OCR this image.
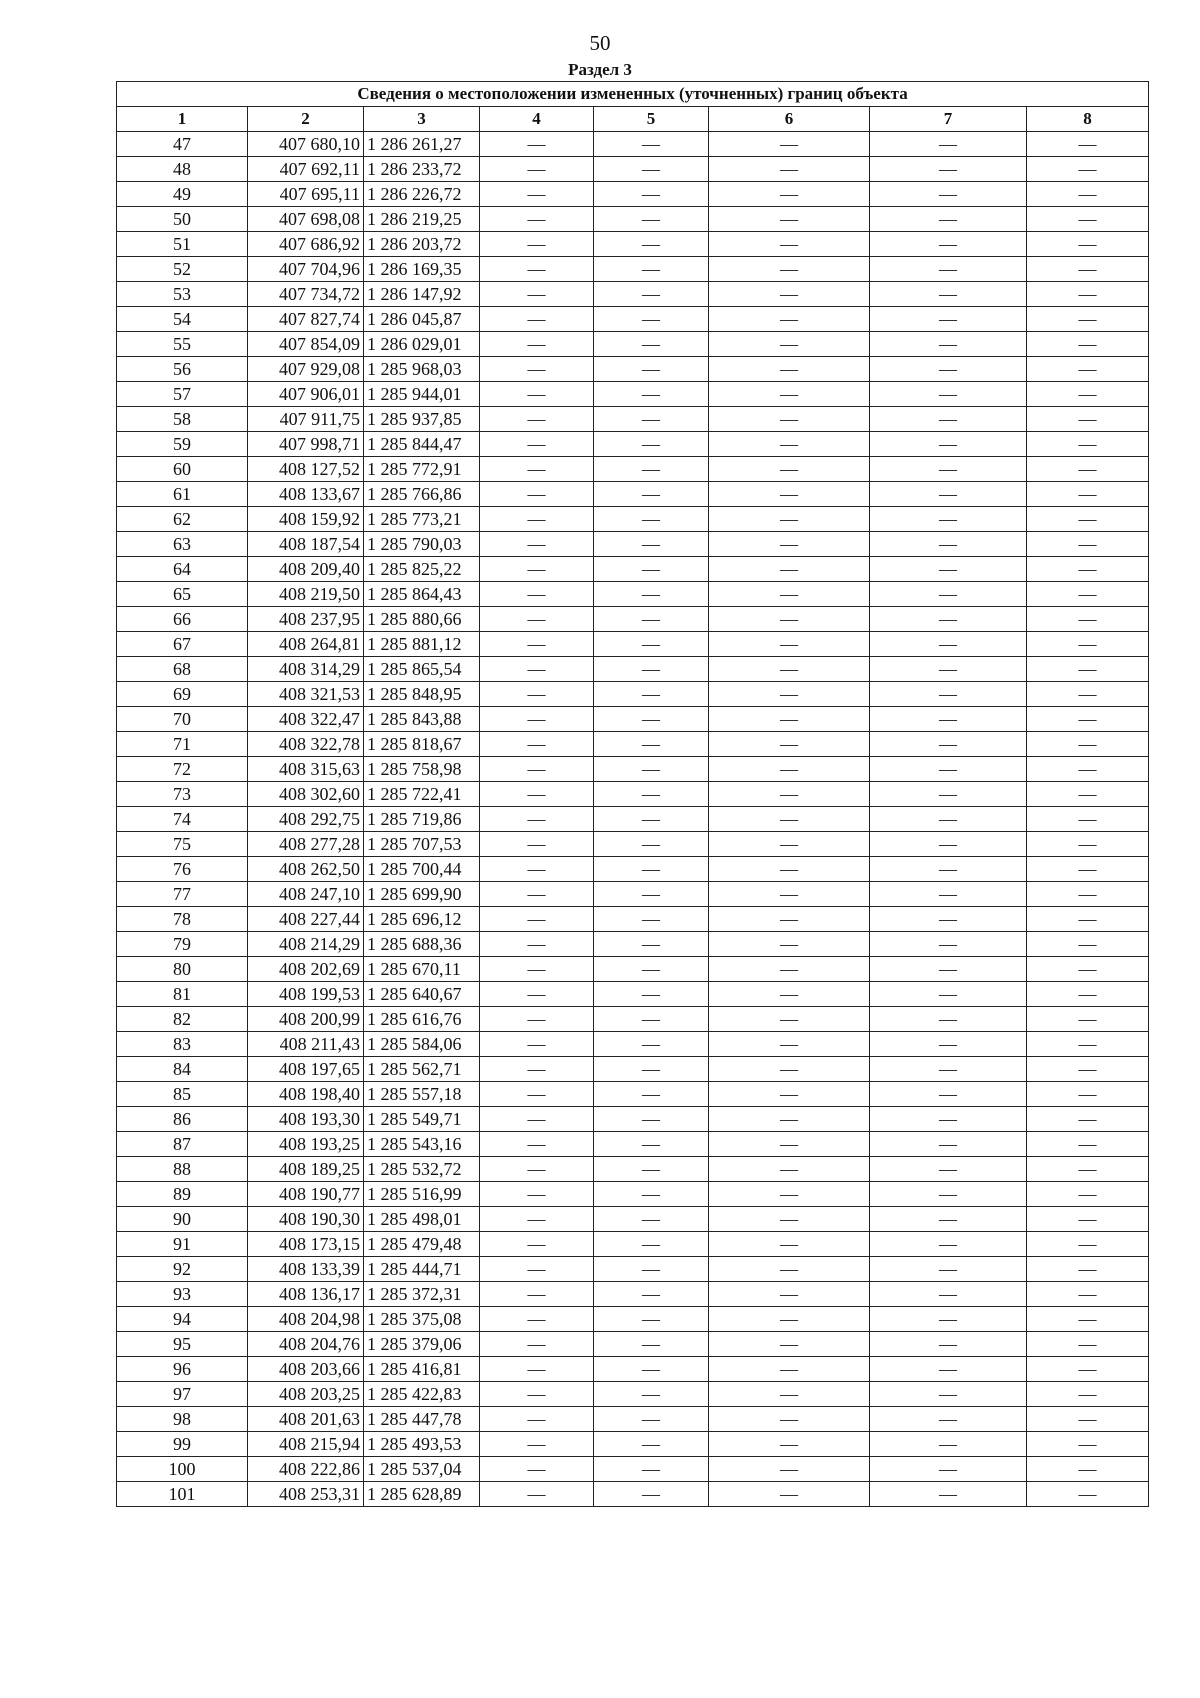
50
Раздел 3
Сведения о местоположении измененных (уточненных) границ объекта							
1	2	3	4	5	6	7	8
47	407 680,10	1 286 261,27	—	—	—	—	—
48	407 692,11	1 286 233,72	—	—	—	—	—
49	407 695,11	1 286 226,72	—	—	—	—	—
50	407 698,08	1 286 219,25	—	—	—	—	—
51	407 686,92	1 286 203,72	—	—	—	—	—
52	407 704,96	1 286 169,35	—	—	—	—	—
53	407 734,72	1 286 147,92	—	—	—	—	—
54	407 827,74	1 286 045,87	—	—	—	—	—
55	407 854,09	1 286 029,01	—	—	—	—	—
56	407 929,08	1 285 968,03	—	—	—	—	—
57	407 906,01	1 285 944,01	—	—	—	—	—
58	407 911,75	1 285 937,85	—	—	—	—	—
59	407 998,71	1 285 844,47	—	—	—	—	—
60	408 127,52	1 285 772,91	—	—	—	—	—
61	408 133,67	1 285 766,86	—	—	—	—	—
62	408 159,92	1 285 773,21	—	—	—	—	—
63	408 187,54	1 285 790,03	—	—	—	—	—
64	408 209,40	1 285 825,22	—	—	—	—	—
65	408 219,50	1 285 864,43	—	—	—	—	—
66	408 237,95	1 285 880,66	—	—	—	—	—
67	408 264,81	1 285 881,12	—	—	—	—	—
68	408 314,29	1 285 865,54	—	—	—	—	—
69	408 321,53	1 285 848,95	—	—	—	—	—
70	408 322,47	1 285 843,88	—	—	—	—	—
71	408 322,78	1 285 818,67	—	—	—	—	—
72	408 315,63	1 285 758,98	—	—	—	—	—
73	408 302,60	1 285 722,41	—	—	—	—	—
74	408 292,75	1 285 719,86	—	—	—	—	—
75	408 277,28	1 285 707,53	—	—	—	—	—
76	408 262,50	1 285 700,44	—	—	—	—	—
77	408 247,10	1 285 699,90	—	—	—	—	—
78	408 227,44	1 285 696,12	—	—	—	—	—
79	408 214,29	1 285 688,36	—	—	—	—	—
80	408 202,69	1 285 670,11	—	—	—	—	—
81	408 199,53	1 285 640,67	—	—	—	—	—
82	408 200,99	1 285 616,76	—	—	—	—	—
83	408 211,43	1 285 584,06	—	—	—	—	—
84	408 197,65	1 285 562,71	—	—	—	—	—
85	408 198,40	1 285 557,18	—	—	—	—	—
86	408 193,30	1 285 549,71	—	—	—	—	—
87	408 193,25	1 285 543,16	—	—	—	—	—
88	408 189,25	1 285 532,72	—	—	—	—	—
89	408 190,77	1 285 516,99	—	—	—	—	—
90	408 190,30	1 285 498,01	—	—	—	—	—
91	408 173,15	1 285 479,48	—	—	—	—	—
92	408 133,39	1 285 444,71	—	—	—	—	—
93	408 136,17	1 285 372,31	—	—	—	—	—
94	408 204,98	1 285 375,08	—	—	—	—	—
95	408 204,76	1 285 379,06	—	—	—	—	—
96	408 203,66	1 285 416,81	—	—	—	—	—
97	408 203,25	1 285 422,83	—	—	—	—	—
98	408 201,63	1 285 447,78	—	—	—	—	—
99	408 215,94	1 285 493,53	—	—	—	—	—
100	408 222,86	1 285 537,04	—	—	—	—	—
101	408 253,31	1 285 628,89	—	—	—	—	—
